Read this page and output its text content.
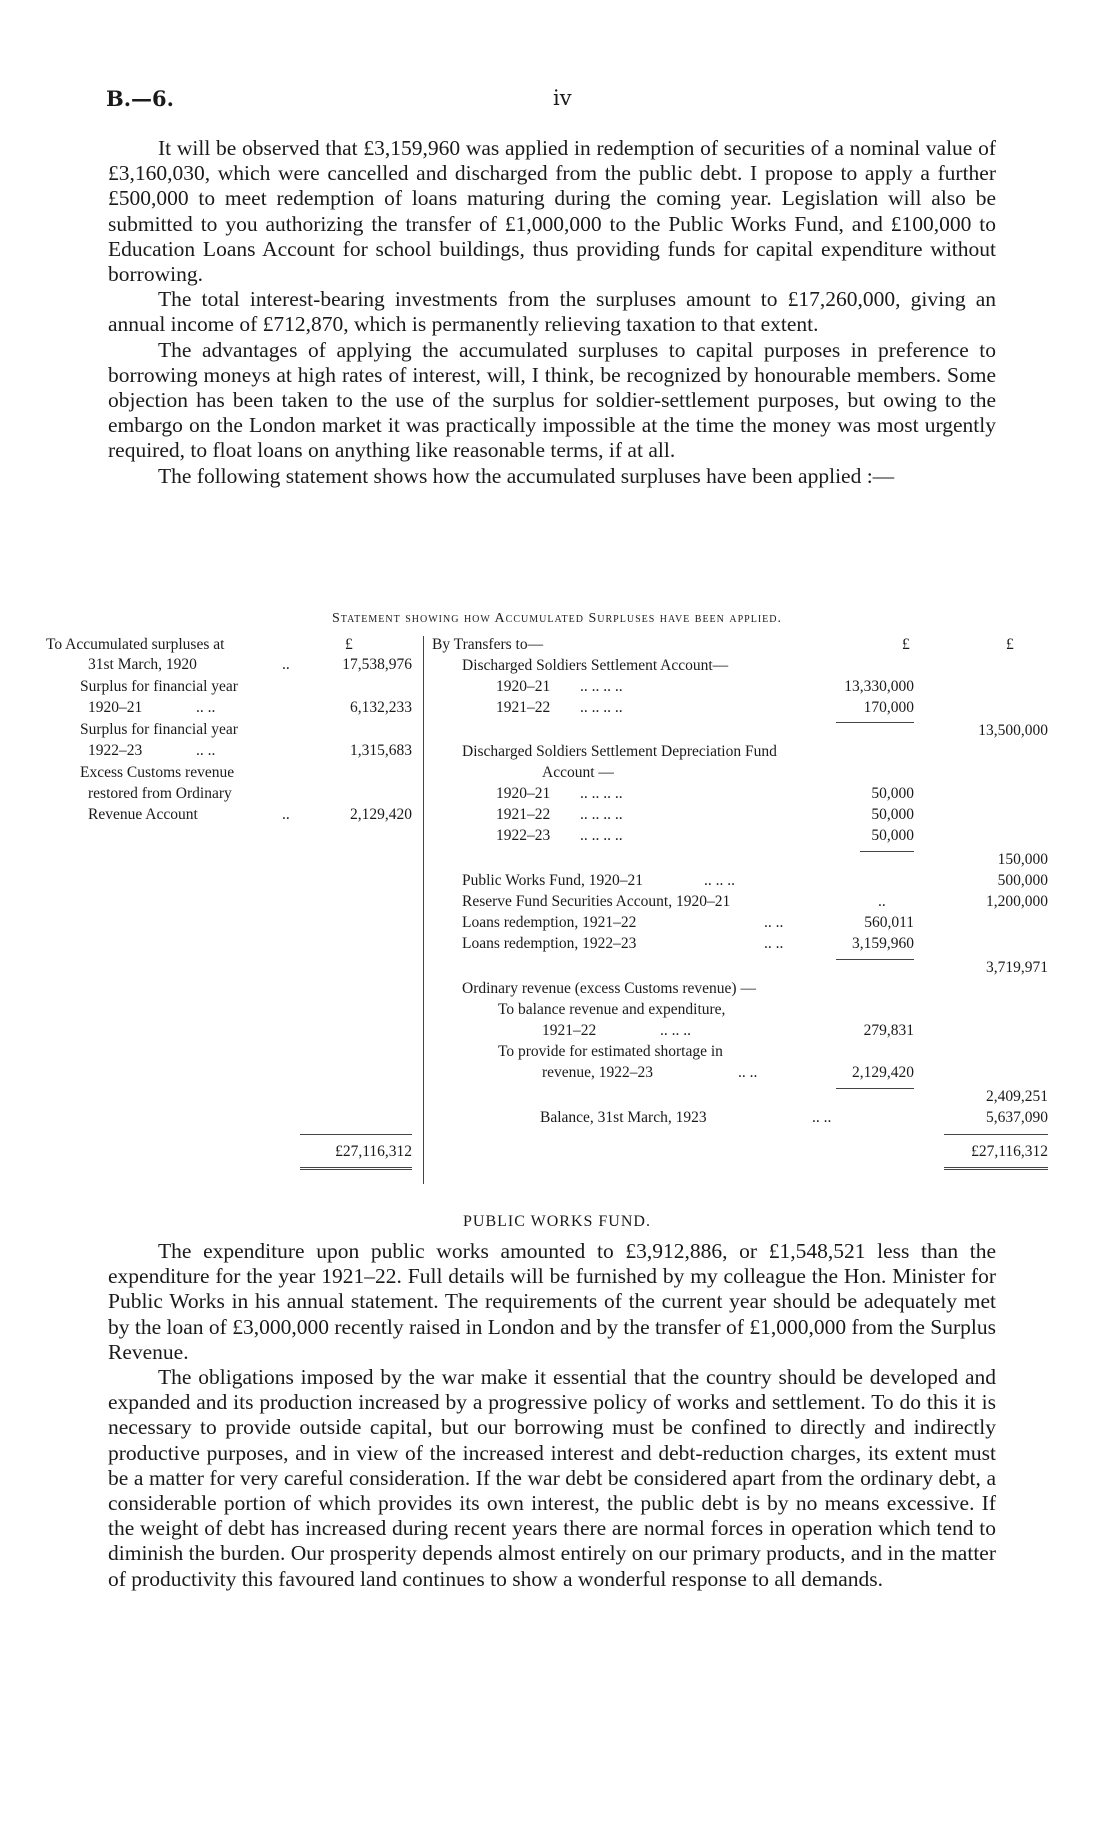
B.—6.	iv

It will be observed that £3,159,960 was applied in redemption of securities of a nominal value of £3,160,030, which were cancelled and discharged from the public debt. I propose to apply a further £500,000 to meet redemption of loans maturing during the coming year. Legislation will also be submitted to you authorizing the transfer of £1,000,000 to the Public Works Fund, and £100,000 to Education Loans Account for school buildings, thus providing funds for capital expenditure without borrowing.

The total interest-bearing investments from the surpluses amount to £17,260,000, giving an annual income of £712,870, which is permanently relieving taxation to that extent.

The advantages of applying the accumulated surpluses to capital purposes in preference to borrowing moneys at high rates of interest, will, I think, be recognized by honourable members. Some objection has been taken to the use of the surplus for soldier-settlement purposes, but owing to the embargo on the London market it was practically impossible at the time the money was most urgently required, to float loans on anything like reasonable terms, if at all.

The following statement shows how the accumulated surpluses have been applied :—

Statement showing how Accumulated Surpluses have been applied.
To Accumulated surpluses at	£
31st March, 1920	..	17,538,976
Surplus for financial year
1920–21	.. ..	6,132,233
Surplus for financial year
1922–23	.. ..	1,315,683
Excess Customs revenue
restored from Ordinary
Revenue Account	..	2,129,420
£27,116,312
By Transfers to—	£	£
Discharged Soldiers Settlement Account—
1920–21 .. .. .. ..	13,330,000
1921–22 .. .. .. ..	170,000
13,500,000
Discharged Soldiers Settlement Depreciation Fund
Account —
1920–21 .. .. .. ..	50,000
1921–22 .. .. .. ..	50,000
1922–23 .. .. .. ..	50,000
150,000
Public Works Fund, 1920–21	.. .. ..	500,000
Reserve Fund Securities Account, 1920–21	..	1,200,000
Loans redemption, 1921–22	.. ..	560,011
Loans redemption, 1922–23	.. ..	3,159,960
3,719,971
Ordinary revenue (excess Customs revenue) —
To balance revenue and expenditure,
1921–22	.. .. ..	279,831
To provide for estimated shortage in
revenue, 1922–23	.. ..	2,129,420
2,409,251
Balance, 31st March, 1923	.. ..	5,637,090
£27,116,312
PUBLIC WORKS FUND.

The expenditure upon public works amounted to £3,912,886, or £1,548,521 less than the expenditure for the year 1921–22. Full details will be furnished by my colleague the Hon. Minister for Public Works in his annual statement. The requirements of the current year should be adequately met by the loan of £3,000,000 recently raised in London and by the transfer of £1,000,000 from the Surplus Revenue.

The obligations imposed by the war make it essential that the country should be developed and expanded and its production increased by a progressive policy of works and settlement. To do this it is necessary to provide outside capital, but our borrowing must be confined to directly and indirectly productive purposes, and in view of the increased interest and debt-reduction charges, its extent must be a matter for very careful consideration. If the war debt be considered apart from the ordinary debt, a considerable portion of which provides its own interest, the public debt is by no means excessive. If the weight of debt has increased during recent years there are normal forces in operation which tend to diminish the burden. Our prosperity depends almost entirely on our primary products, and in the matter of productivity this favoured land continues to show a wonderful response to all demands.
